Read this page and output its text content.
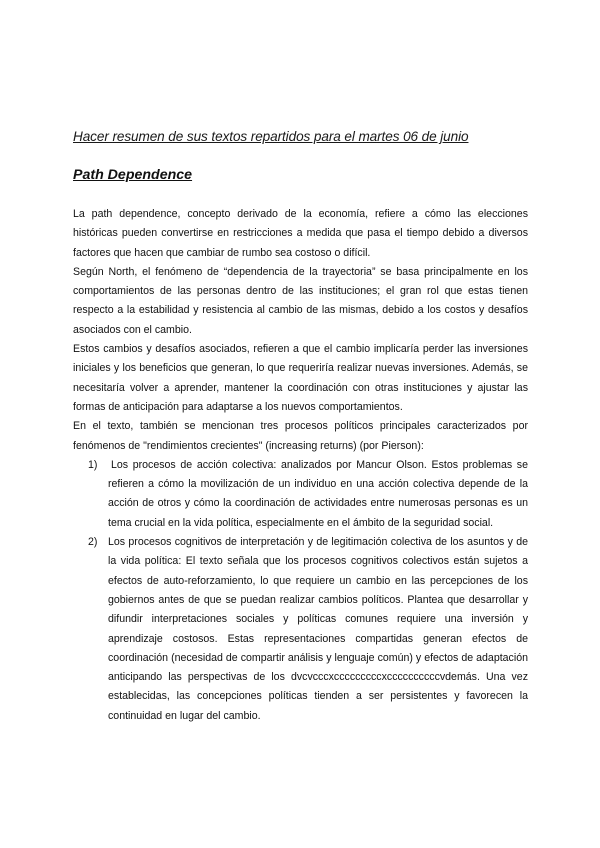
Hacer resumen de sus textos repartidos para el martes 06 de junio
Path Dependence

La path dependence, concepto derivado de la economía, refiere a cómo las elecciones históricas pueden convertirse en restricciones a medida que pasa el tiempo debido a diversos factores que hacen que cambiar de rumbo sea costoso o difícil.

Según North, el fenómeno de “dependencia de la trayectoria” se basa principalmente en los comportamientos de las personas dentro de las instituciones; el gran rol que estas tienen respecto a la estabilidad y resistencia al cambio de las mismas, debido a los costos y desafíos asociados con el cambio.

Estos cambios y desafíos asociados, refieren a que el cambio implicaría perder las inversiones iniciales y los beneficios que generan, lo que requeriría realizar nuevas inversiones. Además, se necesitaría volver a aprender, mantener la coordinación con otras instituciones y ajustar las formas de anticipación para adaptarse a los nuevos comportamientos.

En el texto, también se mencionan tres procesos políticos principales caracterizados por fenómenos de "rendimientos crecientes" (increasing returns) (por Pierson):

1) Los procesos de acción colectiva: analizados por Mancur Olson. Estos problemas se refieren a cómo la movilización de un individuo en una acción colectiva depende de la acción de otros y cómo la coordinación de actividades entre numerosas personas es un tema crucial en la vida política, especialmente en el ámbito de la seguridad social.
2) Los procesos cognitivos de interpretación y de legitimación colectiva de los asuntos y de la vida política: El texto señala que los procesos cognitivos colectivos están sujetos a efectos de auto-reforzamiento, lo que requiere un cambio en las percepciones de los gobiernos antes de que se puedan realizar cambios políticos. Plantea que desarrollar y difundir interpretaciones sociales y políticas comunes requiere una inversión y aprendizaje costosos. Estas representaciones compartidas generan efectos de coordinación (necesidad de compartir análisis y lenguaje común) y efectos de adaptación anticipando las perspectivas de los dvcvcccxcccccccccxccccccccccvdemás. Una vez establecidas, las concepciones políticas tienden a ser persistentes y favorecen la continuidad en lugar del cambio.
